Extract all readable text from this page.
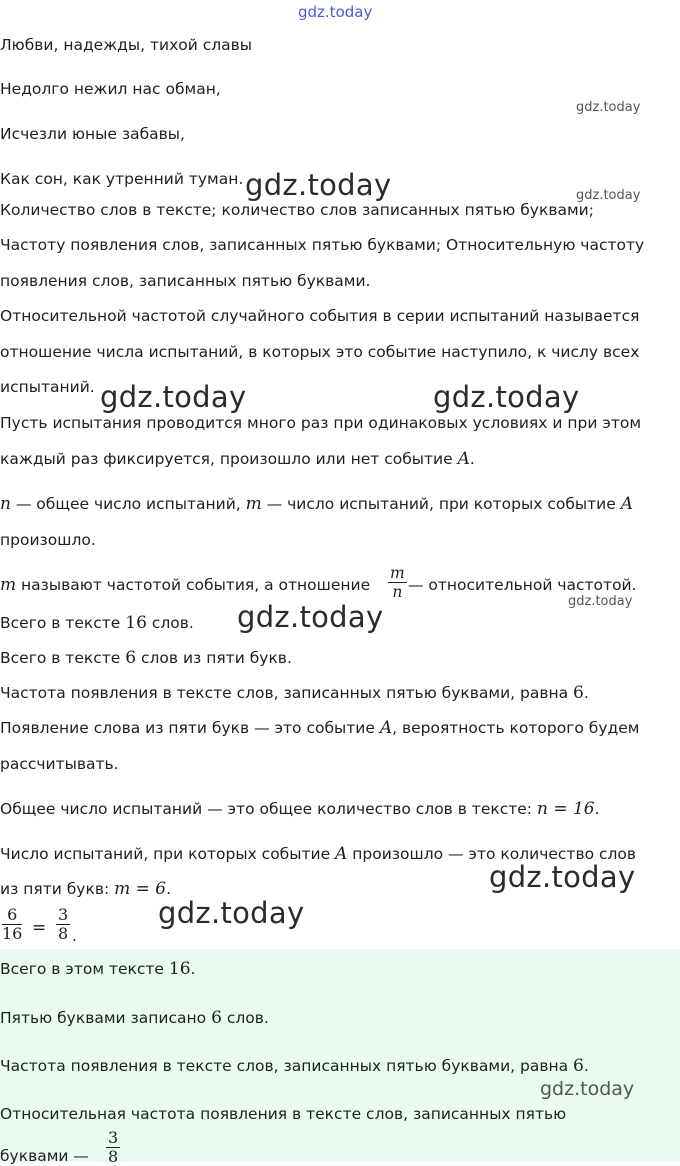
gdz.today
Любви, надежды, тихой славы
Недолго нежил нас обман,
Исчезли юные забавы,
Как сон, как утренний туман.
Количество слов в тексте; количество слов записанных пятью буквами;
Частоту появления слов, записанных пятью буквами; Относительную частоту
появления слов, записанных пятью буквами.
Относительной частотой случайного события в серии испытаний называется
отношение числа испытаний, в которых это событие наступило, к числу всех
испытаний.
Пусть испытания проводится много раз при одинаковых условиях и при этом
каждый раз фиксируется, произошло или нет событие A.
n — общее число испытаний, m — число испытаний, при которых событие A
произошло.
m называют частотой события, а отношение  — относительной частотой.
$\frac{m}{n}$
Всего в тексте 16 слов.
Всего в тексте 6 слов из пяти букв.
Частота появления в тексте слов, записанных пятью буквами, равна 6.
Появление слова из пяти букв — это событие A, вероятность которого будем
рассчитывать.
Общее число испытаний — это общее количество слов в тексте: n = 16.
Число испытаний, при которых событие A произошло — это количество слов
из пяти букв: m = 6.
$\frac{6}{16} = \frac{3}{8}$ .
Всего в этом тексте 16.
Пятью буквами записано 6 слов.
Частота появления в тексте слов, записанных пятью буквами, равна 6.
Относительная частота появления в тексте слов, записанных пятью
буквами — $\frac{3}{8}$
gdz.today
gdz.today	gdz.today
gdz.today	gdz.today
gdz.today
gdz.today
gdz.today
gdz.today
gdz.today
